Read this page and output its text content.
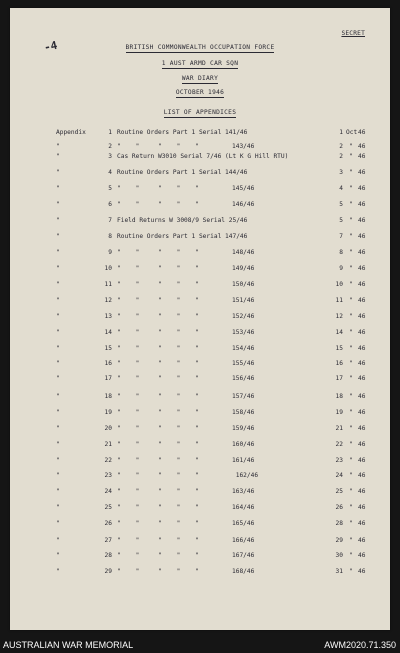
SECRET
-4	BRITISH COMMONWEALTH OCCUPATION FORCE
1 AUST ARMD CAR SQN
WAR DIARY
OCTOBER 1946
LIST OF APPENDICES
Appendix	1 Routine Orders Part 1 Serial 141/46	1 Oct 46
"	2 "    "     "    "    "	143/46	2 " 46
"	3 Cas Return W3010 Serial 7/46 (Lt K G Hill RTU)	2 " 46
"	4 Routine Orders Part 1 Serial 144/46	3 " 46
"	5 "    "     "    "    "	145/46	4 " 46
"	6 "    "     "    "    "	146/46	5 " 46
"	7 Field Returns W 3008/9 Serial 25/46	5 " 46
"	8 Routine Orders Part 1 Serial 147/46	7 " 46
"	9 "    "     "    "    "	148/46	8 " 46
"	10 "    "     "    "    "	149/46	9 " 46
"	11 "    "     "    "    "	150/46	10 " 46
"	12 "    "     "    "    "	151/46	11 " 46
"	13 "    "     "    "    "	152/46	12 " 46
"	14 "    "     "    "    "	153/46	14 " 46
"	15 "    "     "    "    "	154/46	15 " 46
"	16 "    "     "    "    "	155/46	16 " 46
"	17 "    "     "    "    "	156/46	17 " 46
"	18 "    "     "    "    "	157/46	18 " 46
"	19 "    "     "    "    "	158/46	19 " 46
"	20 "    "     "    "    "	159/46	21 " 46
"	21 "    "     "    "    "	160/46	22 " 46
"	22 "    "     "    "    "	161/46	23 " 46
"	23 "    "     "    "    "	162/46	24 " 46
"	24 "    "     "    "    "	163/46	25 " 46
"	25 "    "     "    "    "	164/46	26 " 46
"	26 "    "     "    "    "	165/46	28 " 46
"	27 "    "     "    "    "	166/46	29 " 46
"	28 "    "     "    "    "	167/46	30 " 46
"	29 "    "     "    "    "	168/46	31 " 46
AUSTRALIAN WAR MEMORIAL	AWM2020.71.350
